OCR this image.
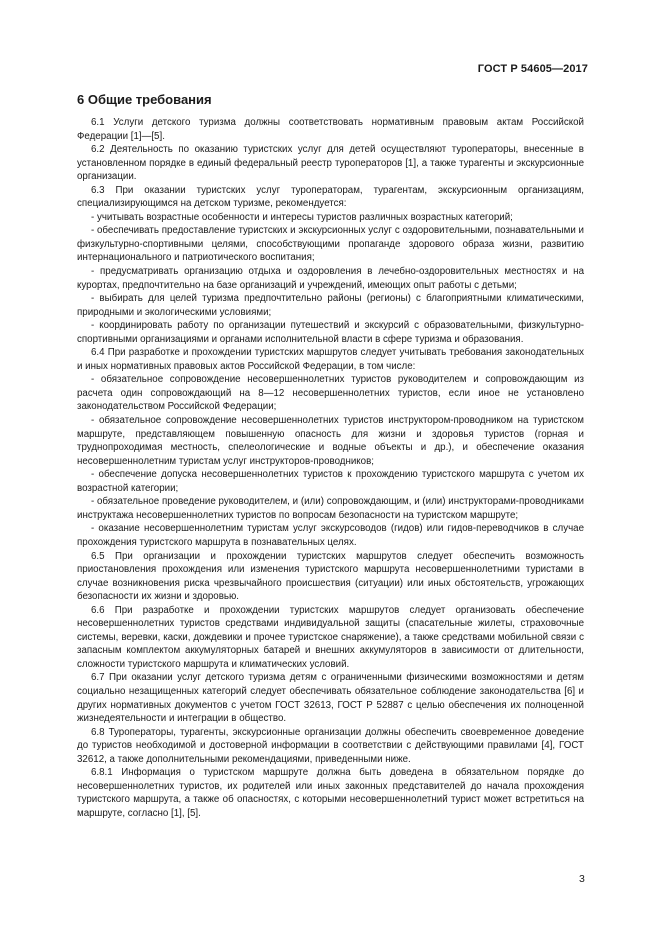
ГОСТ Р 54605—2017
6 Общие требования

6.1 Услуги детского туризма должны соответствовать нормативным правовым актам Российской Федерации [1]—[5].

6.2 Деятельность по оказанию туристских услуг для детей осуществляют туроператоры, внесенные в установленном порядке в единый федеральный реестр туроператоров [1], а также турагенты и экскурсионные организации.

6.3 При оказании туристских услуг туроператорам, турагентам, экскурсионным организациям, специализирующимся на детском туризме, рекомендуется:

- учитывать возрастные особенности и интересы туристов различных возрастных категорий;

- обеспечивать предоставление туристских и экскурсионных услуг с оздоровительными, познавательными и физкультурно-спортивными целями, способствующими пропаганде здорового образа жизни, развитию интернационального и патриотического воспитания;

- предусматривать организацию отдыха и оздоровления в лечебно-оздоровительных местностях и на курортах, предпочтительно на базе организаций и учреждений, имеющих опыт работы с детьми;

- выбирать для целей туризма предпочтительно районы (регионы) с благоприятными климатическими, природными и экологическими условиями;

- координировать работу по организации путешествий и экскурсий с образовательными, физкультурно-спортивными организациями и органами исполнительной власти в сфере туризма и образования.

6.4 При разработке и прохождении туристских маршрутов следует учитывать требования законодательных и иных нормативных правовых актов Российской Федерации, в том числе:

- обязательное сопровождение несовершеннолетних туристов руководителем и сопровождающим из расчета один сопровождающий на 8—12 несовершеннолетних туристов, если иное не установлено законодательством Российской Федерации;

- обязательное сопровождение несовершеннолетних туристов инструктором-проводником на туристском маршруте, представляющем повышенную опасность для жизни и здоровья туристов (горная и труднопроходимая местность, спелеологические и водные объекты и др.), и обеспечение оказания несовершеннолетним туристам услуг инструкторов-проводников;

- обеспечение допуска несовершеннолетних туристов к прохождению туристского маршрута с учетом их возрастной категории;

- обязательное проведение руководителем, и (или) сопровождающим, и (или) инструкторами-проводниками инструктажа несовершеннолетних туристов по вопросам безопасности на туристском маршруте;

- оказание несовершеннолетним туристам услуг экскурсоводов (гидов) или гидов-переводчиков в случае прохождения туристского маршрута в познавательных целях.

6.5 При организации и прохождении туристских маршрутов следует обеспечить возможность приостановления прохождения или изменения туристского маршрута несовершеннолетними туристами в случае возникновения риска чрезвычайного происшествия (ситуации) или иных обстоятельств, угрожающих безопасности их жизни и здоровью.

6.6 При разработке и прохождении туристских маршрутов следует организовать обеспечение несовершеннолетних туристов средствами индивидуальной защиты (спасательные жилеты, страховочные системы, веревки, каски, дождевики и прочее туристское снаряжение), а также средствами мобильной связи с запасным комплектом аккумуляторных батарей и внешних аккумуляторов в зависимости от длительности, сложности туристского маршрута и климатических условий.

6.7 При оказании услуг детского туризма детям с ограниченными физическими возможностями и детям социально незащищенных категорий следует обеспечивать обязательное соблюдение законодательства [6] и других нормативных документов с учетом ГОСТ 32613, ГОСТ Р 52887 с целью обеспечения их полноценной жизнедеятельности и интеграции в общество.

6.8 Туроператоры, турагенты, экскурсионные организации должны обеспечить своевременное доведение до туристов необходимой и достоверной информации в соответствии с действующими правилами [4], ГОСТ 32612, а также дополнительными рекомендациями, приведенными ниже.

6.8.1 Информация о туристском маршруте должна быть доведена в обязательном порядке до несовершеннолетних туристов, их родителей или иных законных представителей до начала прохождения туристского маршрута, а также об опасностях, с которыми несовершеннолетний турист может встретиться на маршруте, согласно [1], [5].

3
